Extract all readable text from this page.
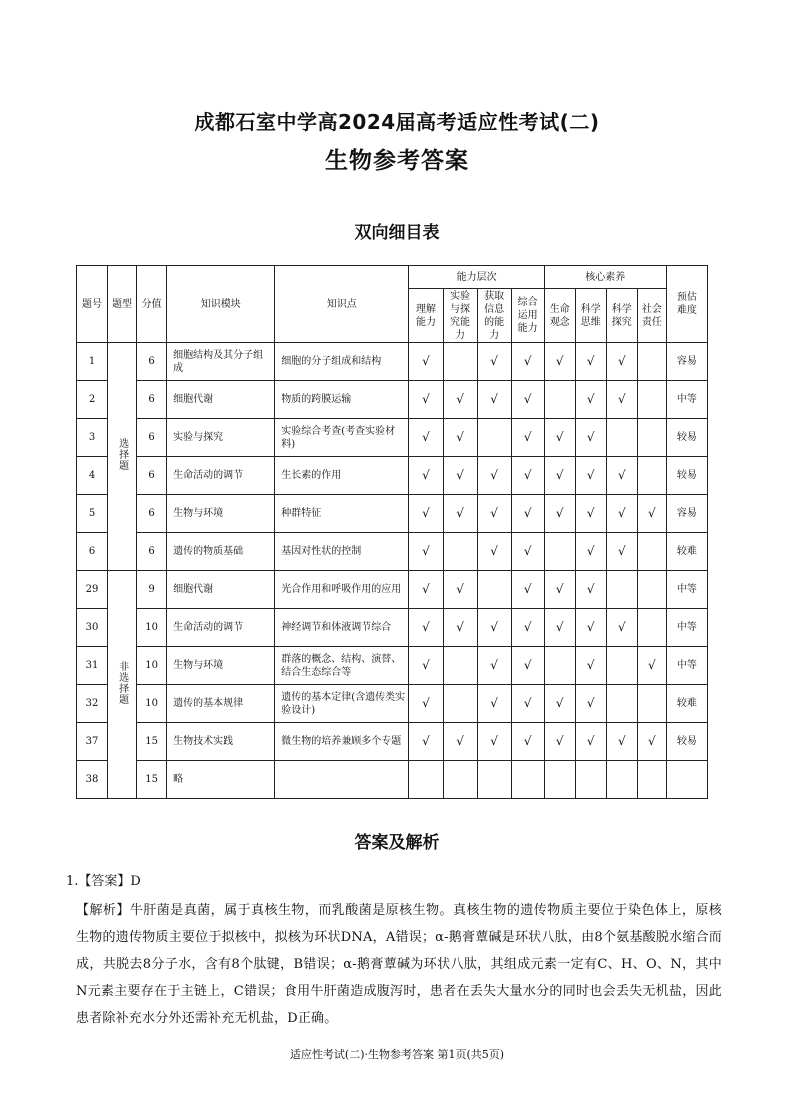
成都石室中学高2024届高考适应性考试(二)
生物参考答案
双向细目表
题号	题型	分值	知识模块	知识点	能力层次				核心素养				预估难度
					理解能力	实验与探究能力	获取信息的能力	综合运用能力	生命观念	科学思维	科学探究	社会责任	
1	选择题	6	细胞结构及其分子组成	细胞的分子组成和结构	√		√	√	√	√	√		容易
2		6	细胞代谢	物质的跨膜运输	√	√	√	√		√	√		中等
3		6	实验与探究	实验综合考查(考查实验材料)	√	√		√	√	√			较易
4		6	生命活动的调节	生长素的作用	√	√	√	√	√	√	√		较易
5		6	生物与环境	种群特征	√	√	√	√	√	√	√	√	容易
6		6	遗传的物质基础	基因对性状的控制	√		√	√		√	√		较难
29	非选择题	9	细胞代谢	光合作用和呼吸作用的应用	√	√		√	√	√			中等
30		10	生命活动的调节	神经调节和体液调节综合	√	√	√	√	√	√	√		中等
31		10	生物与环境	群落的概念、结构、演替、结合生态综合等	√		√	√		√		√	中等
32		10	遗传的基本规律	遗传的基本定律(含遗传类实验设计)	√		√	√	√	√			较难
37		15	生物技术实践	微生物的培养兼顾多个专题	√	√	√	√	√	√	√	√	较易
38		15	略										
答案及解析
1.【答案】D
【解析】牛肝菌是真菌，属于真核生物，而乳酸菌是原核生物。真核生物的遗传物质主要位于染色体上，原核生物的遗传物质主要位于拟核中，拟核为环状DNA，A错误；α-鹅膏蕈碱是环状八肽，由8个氨基酸脱水缩合而成，共脱去8分子水，含有8个肽键，B错误；α-鹅膏蕈碱为环状八肽，其组成元素一定有C、H、O、N，其中N元素主要存在于主链上，C错误；食用牛肝菌造成腹泻时，患者在丢失大量水分的同时也会丢失无机盐，因此患者除补充水分外还需补充无机盐，D正确。
适应性考试(二)·生物参考答案 第1页(共5页)
